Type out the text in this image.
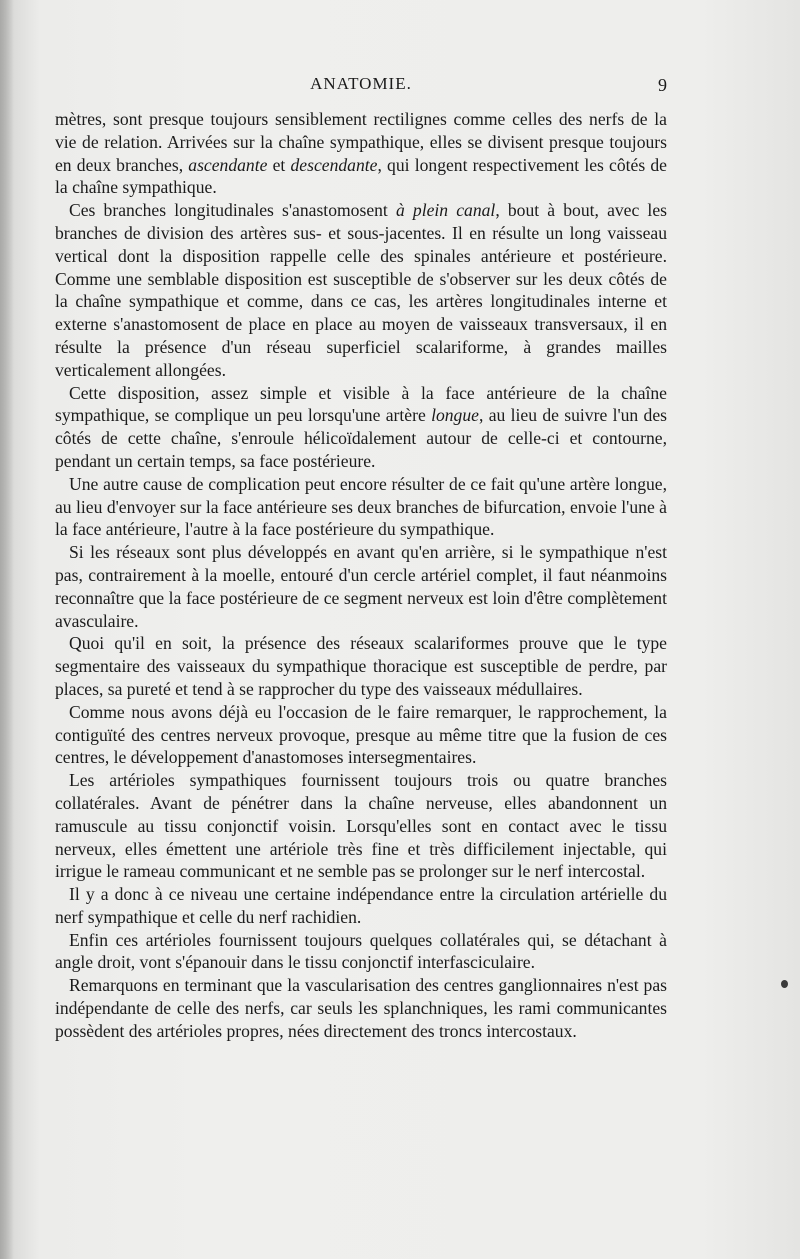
ANATOMIE.	9

mètres, sont presque toujours sensiblement rectilignes comme celles des nerfs de la vie de relation. Arrivées sur la chaîne sympathique, elles se divisent presque toujours en deux branches, ascendante et descendante, qui longent respectivement les côtés de la chaîne sympathique.

Ces branches longitudinales s'anastomosent à plein canal, bout à bout, avec les branches de division des artères sus- et sous-jacentes. Il en résulte un long vaisseau vertical dont la disposition rappelle celle des spinales antérieure et postérieure. Comme une semblable disposition est susceptible de s'observer sur les deux côtés de la chaîne sympathique et comme, dans ce cas, les artères longitudinales interne et externe s'anastomosent de place en place au moyen de vaisseaux transversaux, il en résulte la présence d'un réseau superficiel scalariforme, à grandes mailles verticalement allongées.

Cette disposition, assez simple et visible à la face antérieure de la chaîne sympathique, se complique un peu lorsqu'une artère longue, au lieu de suivre l'un des côtés de cette chaîne, s'enroule hélicoïdalement autour de celle-ci et contourne, pendant un certain temps, sa face postérieure.

Une autre cause de complication peut encore résulter de ce fait qu'une artère longue, au lieu d'envoyer sur la face antérieure ses deux branches de bifurcation, envoie l'une à la face antérieure, l'autre à la face postérieure du sympathique.

Si les réseaux sont plus développés en avant qu'en arrière, si le sympathique n'est pas, contrairement à la moelle, entouré d'un cercle artériel complet, il faut néanmoins reconnaître que la face postérieure de ce segment nerveux est loin d'être complètement avasculaire.

Quoi qu'il en soit, la présence des réseaux scalariformes prouve que le type segmentaire des vaisseaux du sympathique thoracique est susceptible de perdre, par places, sa pureté et tend à se rapprocher du type des vaisseaux médullaires.

Comme nous avons déjà eu l'occasion de le faire remarquer, le rapprochement, la contiguïté des centres nerveux provoque, presque au même titre que la fusion de ces centres, le développement d'anastomoses intersegmentaires.

Les artérioles sympathiques fournissent toujours trois ou quatre branches collatérales. Avant de pénétrer dans la chaîne nerveuse, elles abandonnent un ramuscule au tissu conjonctif voisin. Lorsqu'elles sont en contact avec le tissu nerveux, elles émettent une artériole très fine et très difficilement injectable, qui irrigue le rameau communicant et ne semble pas se prolonger sur le nerf intercostal.

Il y a donc à ce niveau une certaine indépendance entre la circulation artérielle du nerf sympathique et celle du nerf rachidien.

Enfin ces artérioles fournissent toujours quelques collatérales qui, se détachant à angle droit, vont s'épanouir dans le tissu conjonctif interfasciculaire.

Remarquons en terminant que la vascularisation des centres ganglionnaires n'est pas indépendante de celle des nerfs, car seuls les splanchniques, les rami communicantes possèdent des artérioles propres, nées directement des troncs intercostaux.
